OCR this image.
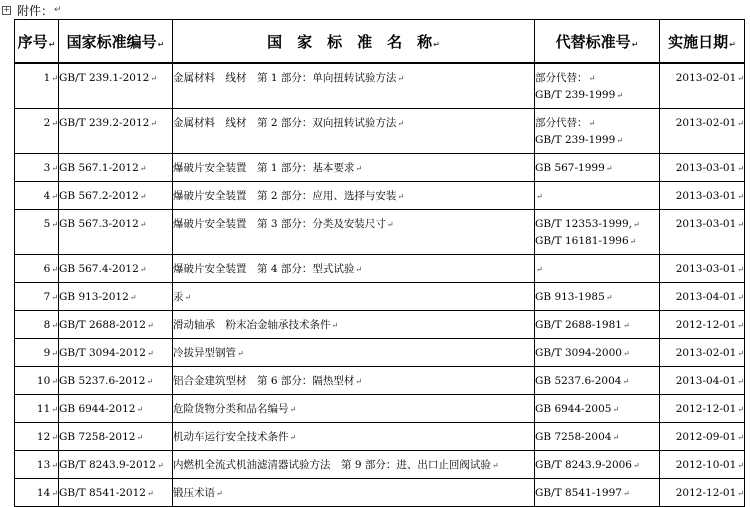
+ 附件： ↵
序号↵	国家标准编号↵	国　家　标　准　名　称↵	代替标准号↵	实施日期↵
1↵	GB/T 239.1-2012↵	金属材料　线材　第 1 部分：单向扭转试验方法↵	部分代替：↵
GB/T 239-1999↵	2013-02-01↵
2↵	GB/T 239.2-2012↵	金属材料　线材　第 2 部分：双向扭转试验方法↵	部分代替：↵
GB/T 239-1999↵	2013-02-01↵
3↵	GB 567.1-2012↵	爆破片安全装置　第 1 部分：基本要求↵	GB 567-1999↵	2013-03-01↵
4↵	GB 567.2-2012↵	爆破片安全装置　第 2 部分：应用、选择与安装↵	↵	2013-03-01↵
5↵	GB 567.3-2012↵	爆破片安全装置　第 3 部分：分类及安装尺寸↵	GB/T 12353-1999,↵
GB/T 16181-1996↵	2013-03-01↵
6↵	GB 567.4-2012↵	爆破片安全装置　第 4 部分：型式试验↵	↵	2013-03-01↵
7↵	GB 913-2012↵	汞↵	GB 913-1985↵	2013-04-01↵
8↵	GB/T 2688-2012↵	滑动轴承　粉末冶金轴承技术条件↵	GB/T 2688-1981↵	2012-12-01↵
9↵	GB/T 3094-2012↵	冷拔异型钢管↵	GB/T 3094-2000↵	2013-02-01↵
10↵	GB 5237.6-2012↵	铝合金建筑型材　第 6 部分：隔热型材↵	GB 5237.6-2004↵	2013-04-01↵
11↵	GB 6944-2012↵	危险货物分类和品名编号↵	GB 6944-2005↵	2012-12-01↵
12↵	GB 7258-2012↵	机动车运行安全技术条件↵	GB 7258-2004↵	2012-09-01↵
13↵	GB/T 8243.9-2012↵	内燃机全流式机油滤清器试验方法　第 9 部分：进、出口止回阀试验↵	GB/T 8243.9-2006↵	2012-10-01↵
14↵	GB/T 8541-2012↵	锻压术语↵	GB/T 8541-1997↵	2012-12-01↵
